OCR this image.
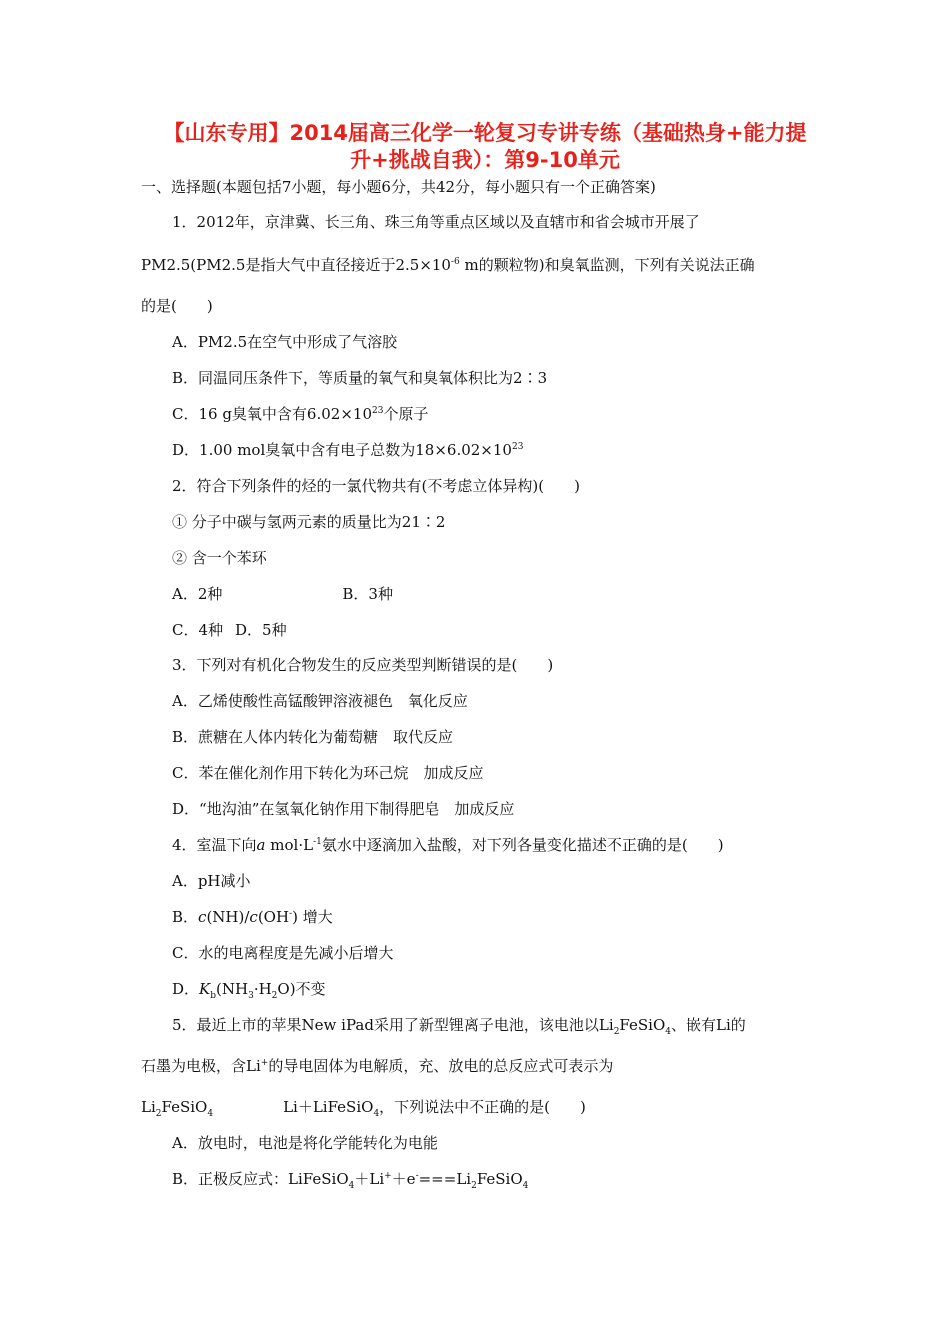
【山东专用】2014届高三化学一轮复习专讲专练（基础热身+能力提升+挑战自我）：第9-10单元
一、选择题(本题包括7小题，每小题6分，共42分，每小题只有一个正确答案)
1．2012年，京津冀、长三角、珠三角等重点区域以及直辖市和省会城市开展了
PM2.5(PM2.5是指大气中直径接近于$2.5\times 10^{-6}$ m的颗粒物)和臭氧监测，下列有关说法正确
的是(　　)
A．PM2.5在空气中形成了气溶胶
B．同温同压条件下，等质量的氧气和臭氧体积比为2∶3
C．16 g臭氧中含有$6.02\times 10^{23}$个原子
D．1.00 mol臭氧中含有电子总数为$18\times 6.02\times 10^{23}$
2．符合下列条件的烃的一氯代物共有(不考虑立体异构)(　　)
① 分子中碳与氢两元素的质量比为21∶2
② 含一个苯环
A．2种	B．3种
C．4种 D．5种
3．下列对有机化合物发生的反应类型判断错误的是(　　)
A．乙烯使酸性高锰酸钾溶液褪色　氧化反应
B．蔗糖在人体内转化为葡萄糖　取代反应
C．苯在催化剂作用下转化为环己烷　加成反应
D．“地沟油”在氢氧化钠作用下制得肥皂　加成反应
4．室温下向a $mol\cdot L^{-1}$氨水中逐滴加入盐酸，对下列各量变化描述不正确的是(　　)
A．pH减小
B．c(NH)/c(OH-) 增大
C．水的电离程度是先减小后增大
D．$K_b(NH_3\cdot H_2O)$不变
5．最近上市的苹果New iPad采用了新型锂离子电池，该电池以$Li_2FeSiO_4$、嵌有Li的
石墨为电极，含Li+的导电固体为电解质，充、放电的总反应式可表示为
$Li_2FeSiO_4$	Li＋LiFeSiO$_4$，下列说法中不正确的是(　　)
A．放电时，电池是将化学能转化为电能
B．正极反应式：$LiFeSiO_4+Li^++e^-===Li_2FeSiO_4$
